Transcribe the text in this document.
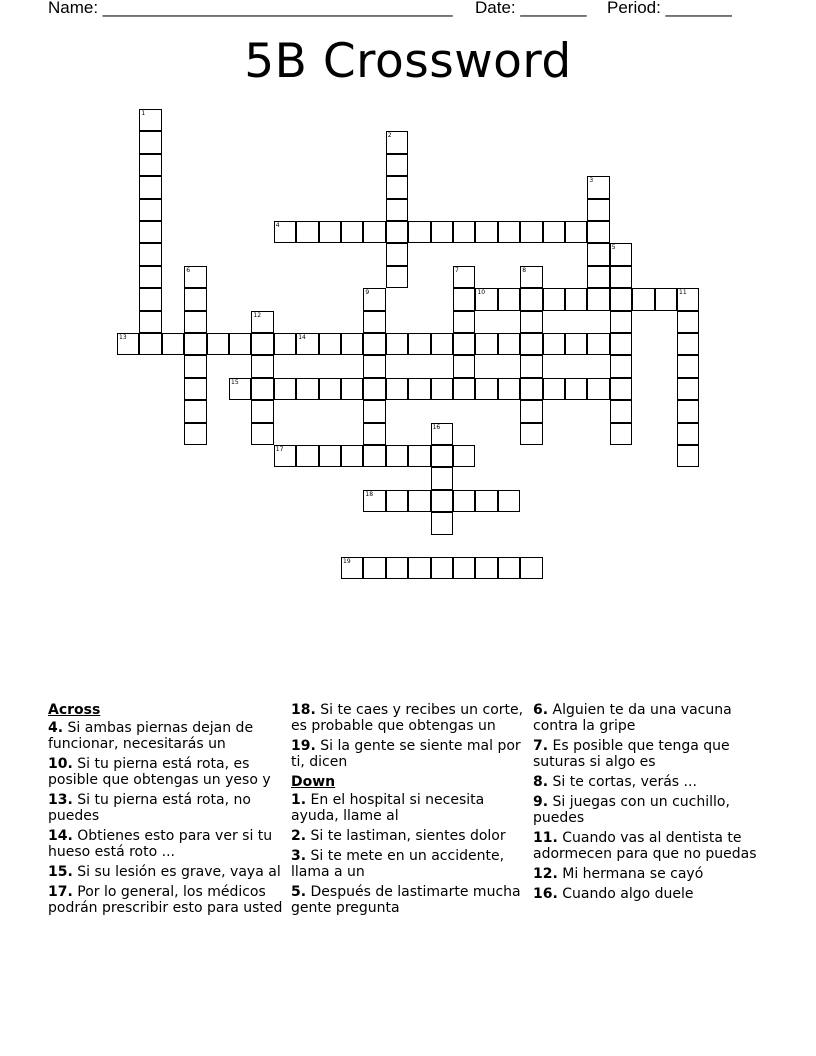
Name: _____________________________________ Date: _______ Period: _______
5B Crossword
1
2
3
4
5
6	7	8
9	10	11
12
13	14
15
16
17
18
19
Across
4. Si ambas piernas dejan de funcionar, necesitarás un
10. Si tu pierna está rota, es posible que obtengas un yeso y
13. Si tu pierna está rota, no puedes
14. Obtienes esto para ver si tu hueso está roto ...
15. Si su lesión es grave, vaya al
17. Por lo general, los médicos podrán prescribir esto para usted
18. Si te caes y recibes un corte, es probable que obtengas un
19. Si la gente se siente mal por ti, dicen
Down
1. En el hospital si necesita ayuda, llame al
2. Si te lastiman, sientes dolor
3. Si te mete en un accidente, llama a un
5. Después de lastimarte mucha gente pregunta
6. Alguien te da una vacuna contra la gripe
7. Es posible que tenga que suturas si algo es
8. Si te cortas, verás ...
9. Si juegas con un cuchillo, puedes
11. Cuando vas al dentista te adormecen para que no puedas
12. Mi hermana se cayó
16. Cuando algo duele
